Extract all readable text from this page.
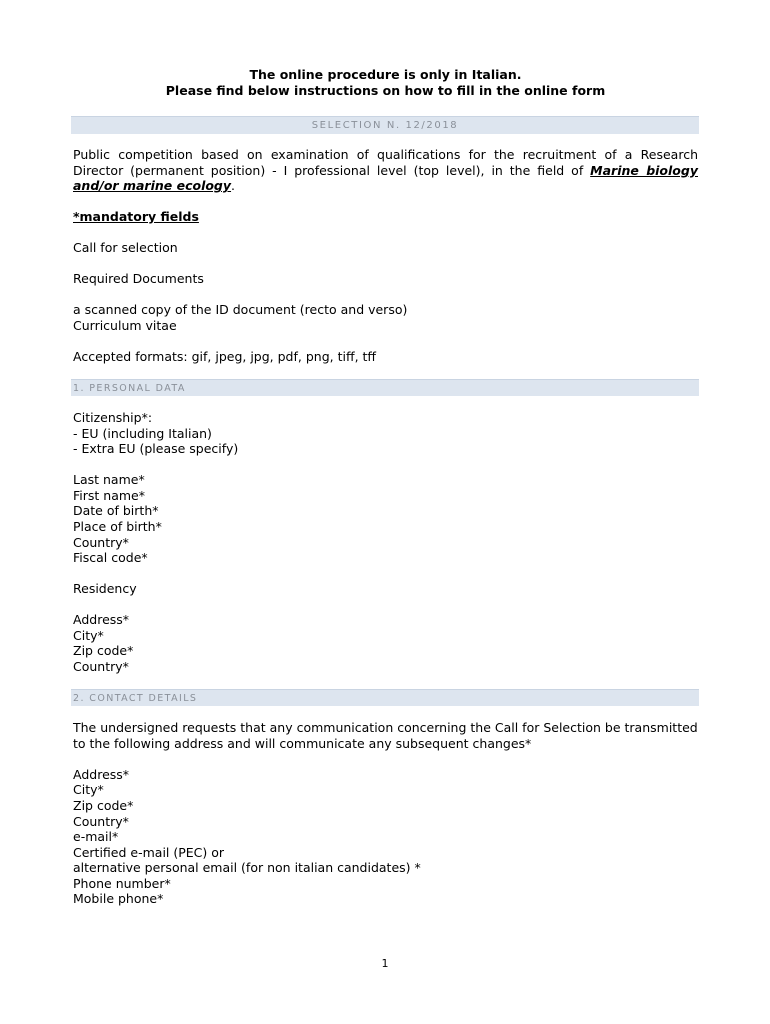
The online procedure is only in Italian.
Please find below instructions on how to fill in the online form
SELECTION N. 12/2018
Public competition based on examination of qualifications for the recruitment of a Research Director (permanent position) - I professional level (top level), in the field of Marine biology and/or marine ecology.
*mandatory fields
Call for selection
Required Documents
a scanned copy of the ID document (recto and verso)
Curriculum vitae
Accepted formats: gif, jpeg, jpg, pdf, png, tiff, tff
1. PERSONAL DATA
Citizenship*:
- EU (including Italian)
- Extra EU (please specify)
Last name*
First name*
Date of birth*
Place of birth*
Country*
Fiscal code*
Residency
Address*
City*
Zip code*
Country*
2. CONTACT DETAILS
The undersigned requests that any communication concerning the Call for Selection be transmitted to the following address and will communicate any subsequent changes*
Address*
City*
Zip code*
Country*
e-mail*
Certified e-mail (PEC) or
alternative personal email (for non italian candidates) *
Phone number*
Mobile phone*
1
